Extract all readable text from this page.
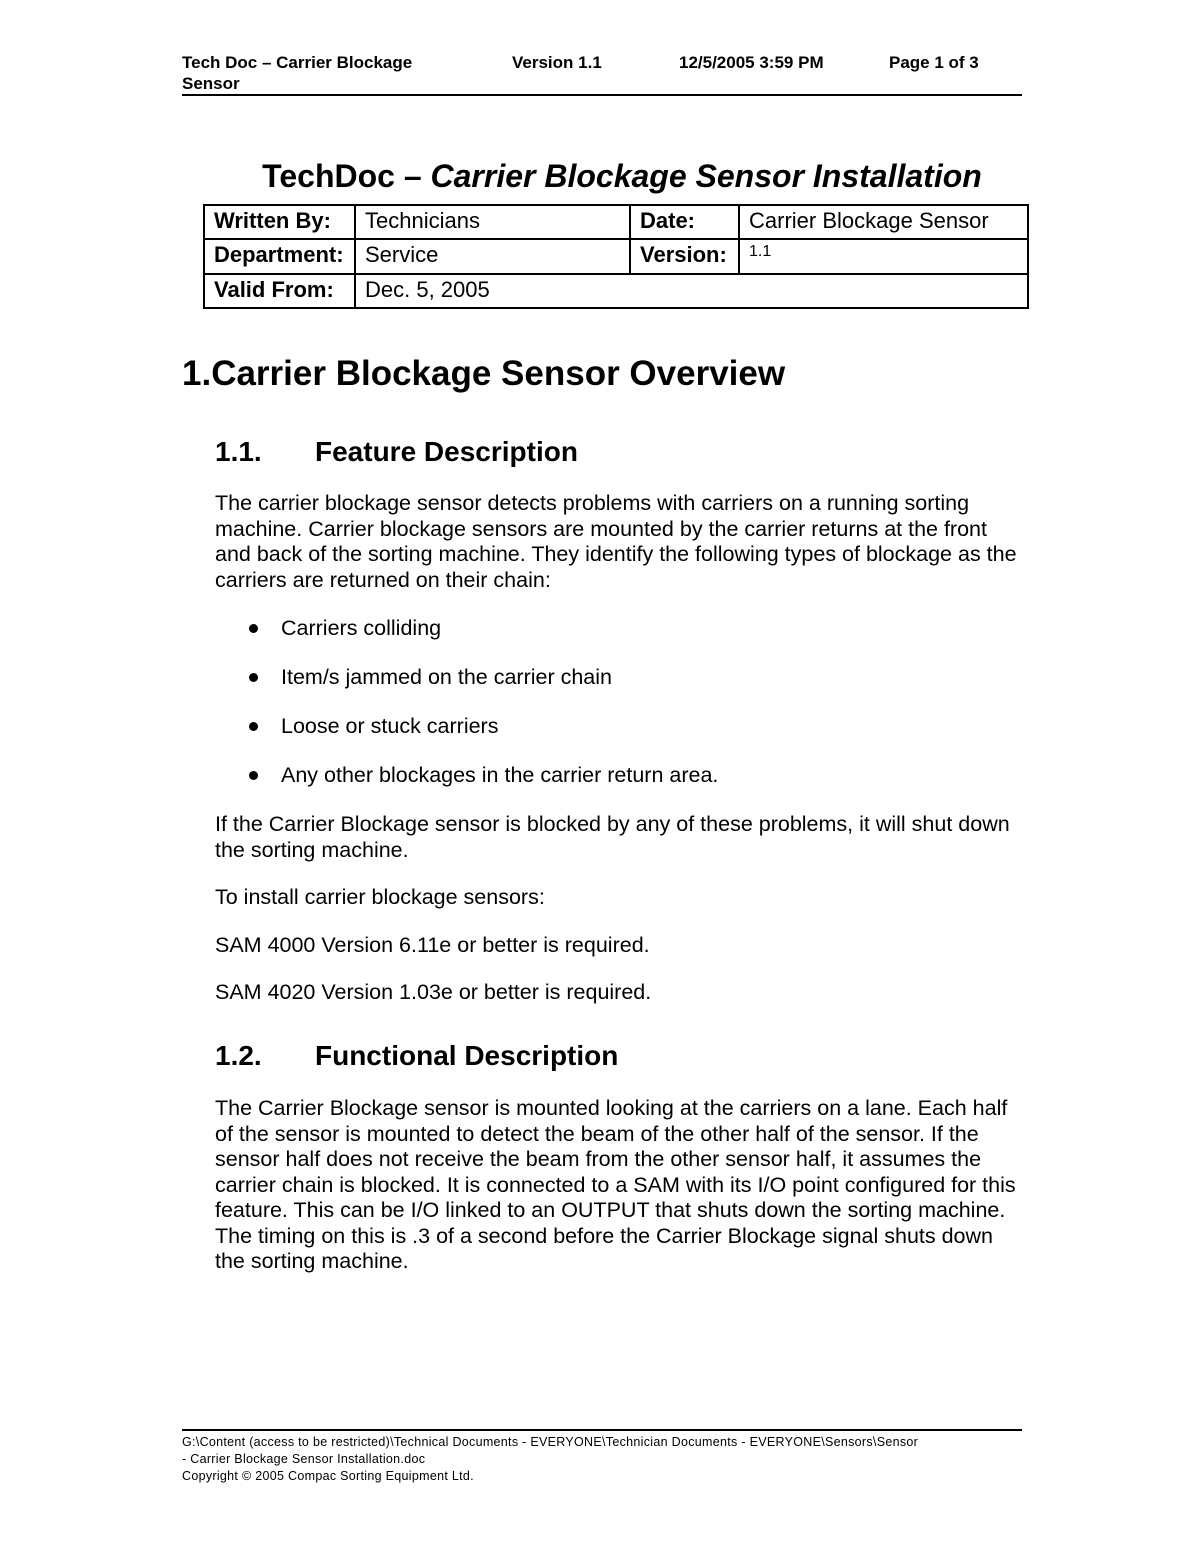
Tech Doc – Carrier Blockage
Sensor
Version 1.1	12/5/2005 3:59 PM	Page 1 of 3
TechDoc – Carrier Blockage Sensor Installation
Written By:	Technicians	Date:	Carrier Blockage Sensor
Department:	Service	Version:	1.1
Valid From:	Dec. 5, 2005		
1.Carrier Blockage Sensor Overview
1.1. Feature Description
The carrier blockage sensor detects problems with carriers on a running sorting machine. Carrier blockage sensors are mounted by the carrier returns at the front and back of the sorting machine. They identify the following types of blockage as the carriers are returned on their chain:
Carriers colliding
Item/s jammed on the carrier chain
Loose or stuck carriers
Any other blockages in the carrier return area.
If the Carrier Blockage sensor is blocked by any of these problems, it will shut down the sorting machine.
To install carrier blockage sensors:
SAM 4000 Version 6.11e or better is required.
SAM 4020 Version 1.03e or better is required.
1.2. Functional Description
The Carrier Blockage sensor is mounted looking at the carriers on a lane. Each half of the sensor is mounted to detect the beam of the other half of the sensor. If the sensor half does not receive the beam from the other sensor half, it assumes the carrier chain is blocked. It is connected to a SAM with its I/O point configured for this feature. This can be I/O linked to an OUTPUT that shuts down the sorting machine. The timing on this is .3 of a second before the Carrier Blockage signal shuts down the sorting machine.
G:\Content (access to be restricted)\Technical Documents - EVERYONE\Technician Documents - EVERYONE\Sensors\Sensor
- Carrier Blockage Sensor Installation.doc
Copyright © 2005 Compac Sorting Equipment Ltd.
